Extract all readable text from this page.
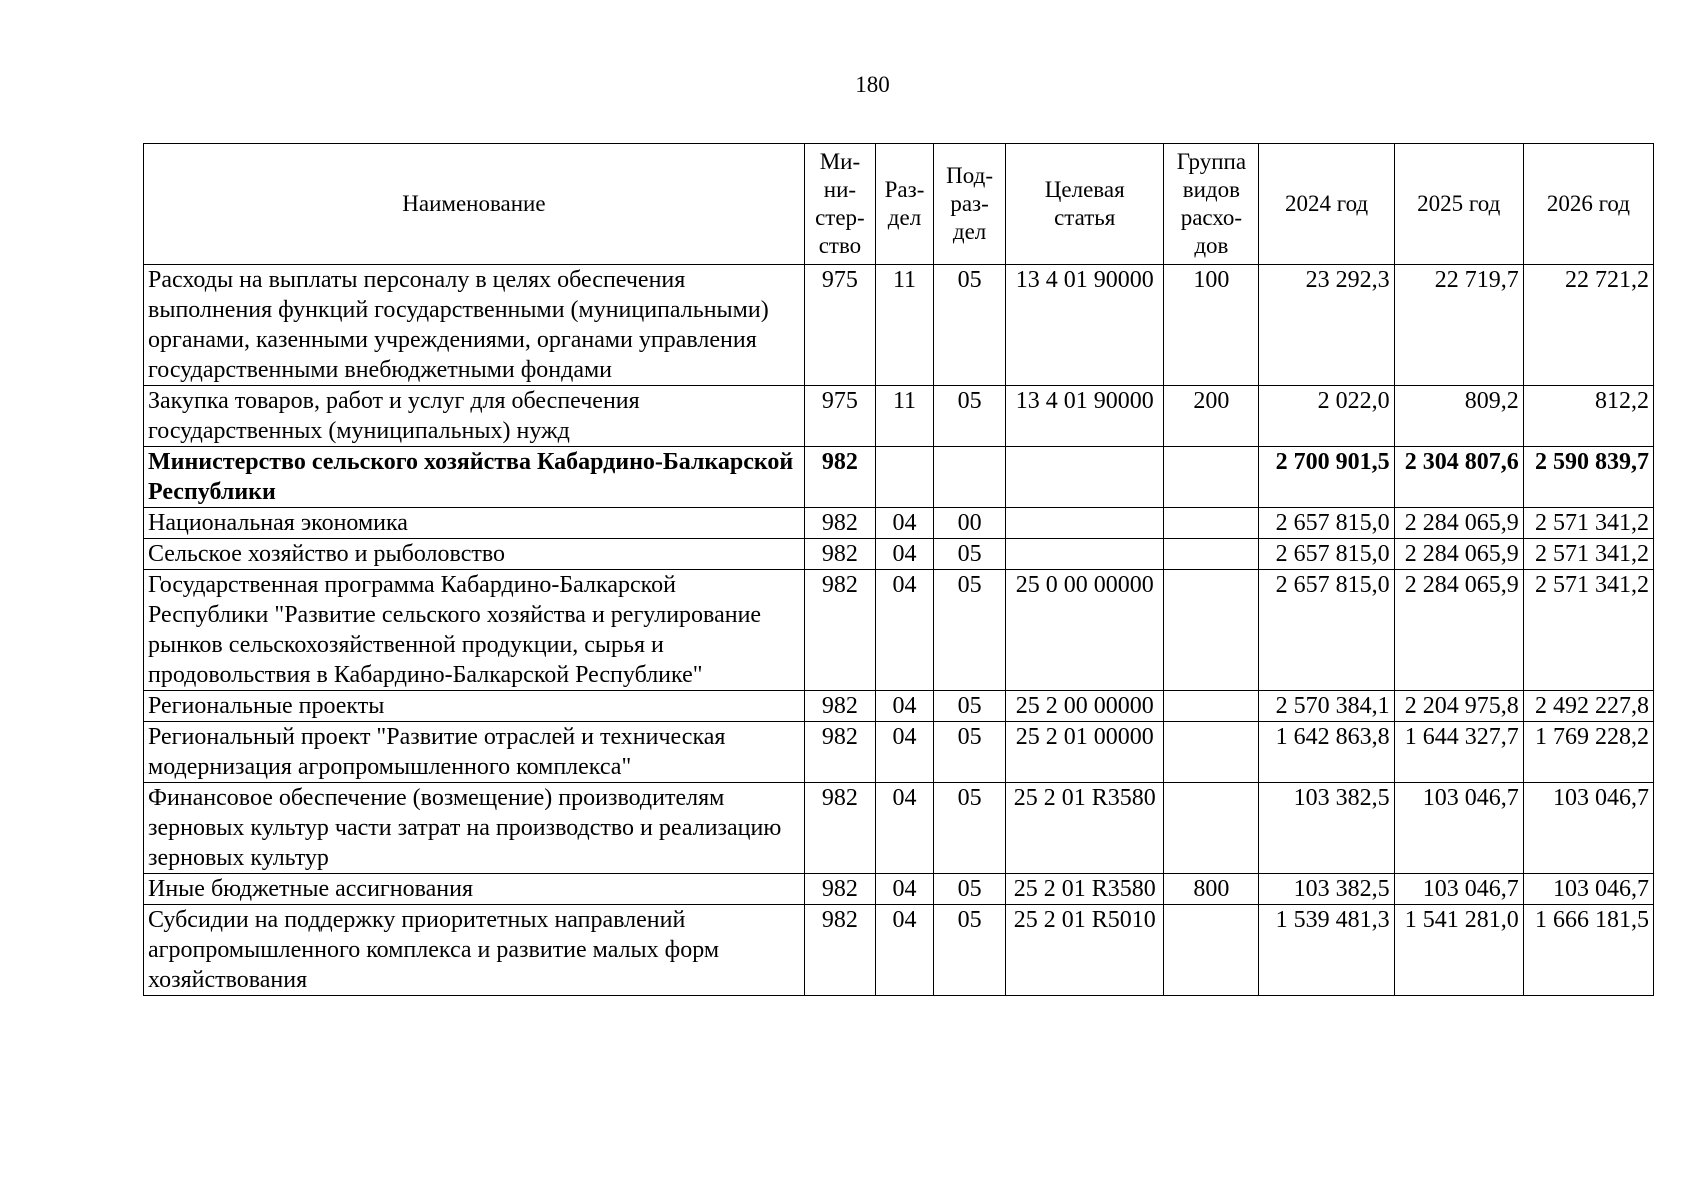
180
Наименование	Ми-
ни-
стер-
ство	Раз-
дел	Под-
раз-
дел	Целевая
статья	Группа
видов
расхо-
дов	2024 год	2025 год	2026 год
Расходы на выплаты персоналу в целях обеспечения выполнения функций государственными (муниципальными) органами, казенными учреждениями, органами управления государственными внебюджетными фондами	975	11	05	13 4 01 90000	100	23 292,3	22 719,7	22 721,2
Закупка товаров, работ и услуг для обеспечения государственных (муниципальных) нужд	975	11	05	13 4 01 90000	200	2 022,0	809,2	812,2
Министерство сельского хозяйства Кабардино-Балкарской Республики	982					2 700 901,5	2 304 807,6	2 590 839,7
Национальная экономика	982	04	00			2 657 815,0	2 284 065,9	2 571 341,2
Сельское хозяйство и рыболовство	982	04	05			2 657 815,0	2 284 065,9	2 571 341,2
Государственная программа Кабардино-Балкарской Республики "Развитие сельского хозяйства и регулирование рынков сельскохозяйственной продукции, сырья и продовольствия в Кабардино-Балкарской Республике"	982	04	05	25 0 00 00000		2 657 815,0	2 284 065,9	2 571 341,2
Региональные проекты	982	04	05	25 2 00 00000		2 570 384,1	2 204 975,8	2 492 227,8
Региональный проект "Развитие отраслей и техническая модернизация агропромышленного комплекса"	982	04	05	25 2 01 00000		1 642 863,8	1 644 327,7	1 769 228,2
Финансовое обеспечение (возмещение) производителям зерновых культур части затрат на производство и реализацию зерновых культур	982	04	05	25 2 01 R3580		103 382,5	103 046,7	103 046,7
Иные бюджетные ассигнования	982	04	05	25 2 01 R3580	800	103 382,5	103 046,7	103 046,7
Субсидии на поддержку приоритетных направлений агропромышленного комплекса и развитие малых форм хозяйствования	982	04	05	25 2 01 R5010		1 539 481,3	1 541 281,0	1 666 181,5
